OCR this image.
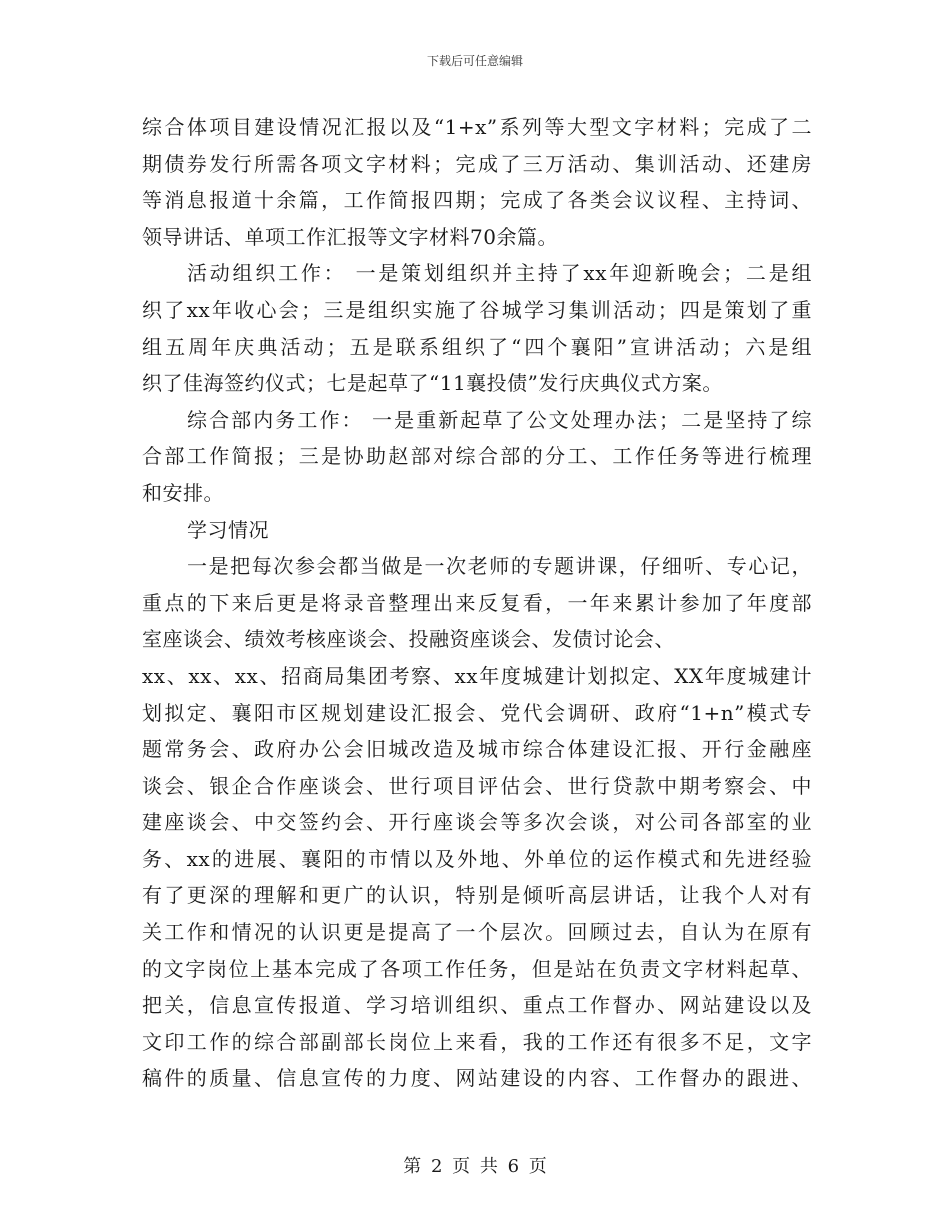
下载后可任意编辑
综合体项目建设情况汇报以及“1+x”系列等大型文字材料；完成了二
期债券发行所需各项文字材料；完成了三万活动、集训活动、还建房
等消息报道十余篇，工作简报四期；完成了各类会议议程、主持词、
领导讲话、单项工作汇报等文字材料70余篇。
活动组织工作： 一是策划组织并主持了xx年迎新晚会；二是组
织了xx年收心会；三是组织实施了谷城学习集训活动；四是策划了重
组五周年庆典活动；五是联系组织了“四个襄阳”宣讲活动；六是组
织了佳海签约仪式；七是起草了“11襄投债”发行庆典仪式方案。
综合部内务工作： 一是重新起草了公文处理办法；二是坚持了综
合部工作简报；三是协助赵部对综合部的分工、工作任务等进行梳理
和安排。
学习情况
一是把每次参会都当做是一次老师的专题讲课，仔细听、专心记，
重点的下来后更是将录音整理出来反复看，一年来累计参加了年度部
室座谈会、绩效考核座谈会、投融资座谈会、发债讨论会、
xx、xx、xx、招商局集团考察、xx年度城建计划拟定、XX年度城建计
划拟定、襄阳市区规划建设汇报会、党代会调研、政府“1+n”模式专
题常务会、政府办公会旧城改造及城市综合体建设汇报、开行金融座
谈会、银企合作座谈会、世行项目评估会、世行贷款中期考察会、中
建座谈会、中交签约会、开行座谈会等多次会谈，对公司各部室的业
务、xx的进展、襄阳的市情以及外地、外单位的运作模式和先进经验
有了更深的理解和更广的认识，特别是倾听高层讲话，让我个人对有
关工作和情况的认识更是提高了一个层次。回顾过去，自认为在原有
的文字岗位上基本完成了各项工作任务，但是站在负责文字材料起草、
把关，信息宣传报道、学习培训组织、重点工作督办、网站建设以及
文印工作的综合部副部长岗位上来看，我的工作还有很多不足，文字
稿件的质量、信息宣传的力度、网站建设的内容、工作督办的跟进、
第 2 页 共 6 页
